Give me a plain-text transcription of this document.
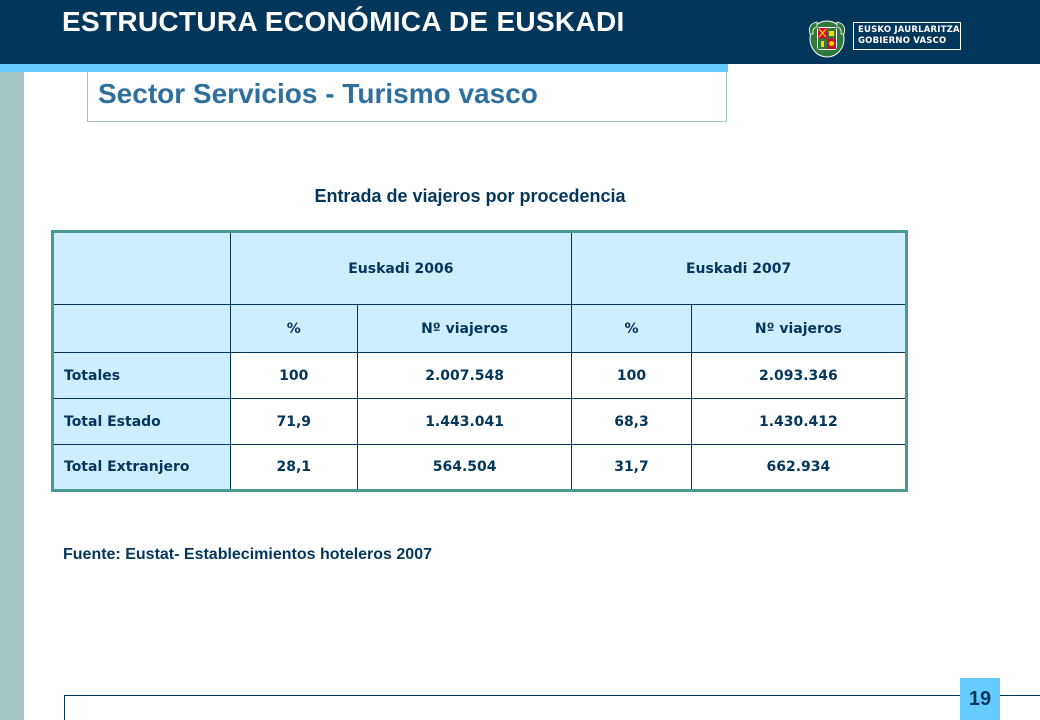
ESTRUCTURA ECONÓMICA DE EUSKADI	EUSKO JAURLARITZA
GOBIERNO VASCO
Sector Servicios - Turismo vasco
Entrada de viajeros por procedencia
	Euskadi 2006		Euskadi 2007	
	%	Nº viajeros	%	Nº viajeros
Totales	100	2.007.548	100	2.093.346
Total Estado	71,9	1.443.041	68,3	1.430.412
Total Extranjero	28,1	564.504	31,7	662.934
Fuente: Eustat- Establecimientos hoteleros 2007
19
